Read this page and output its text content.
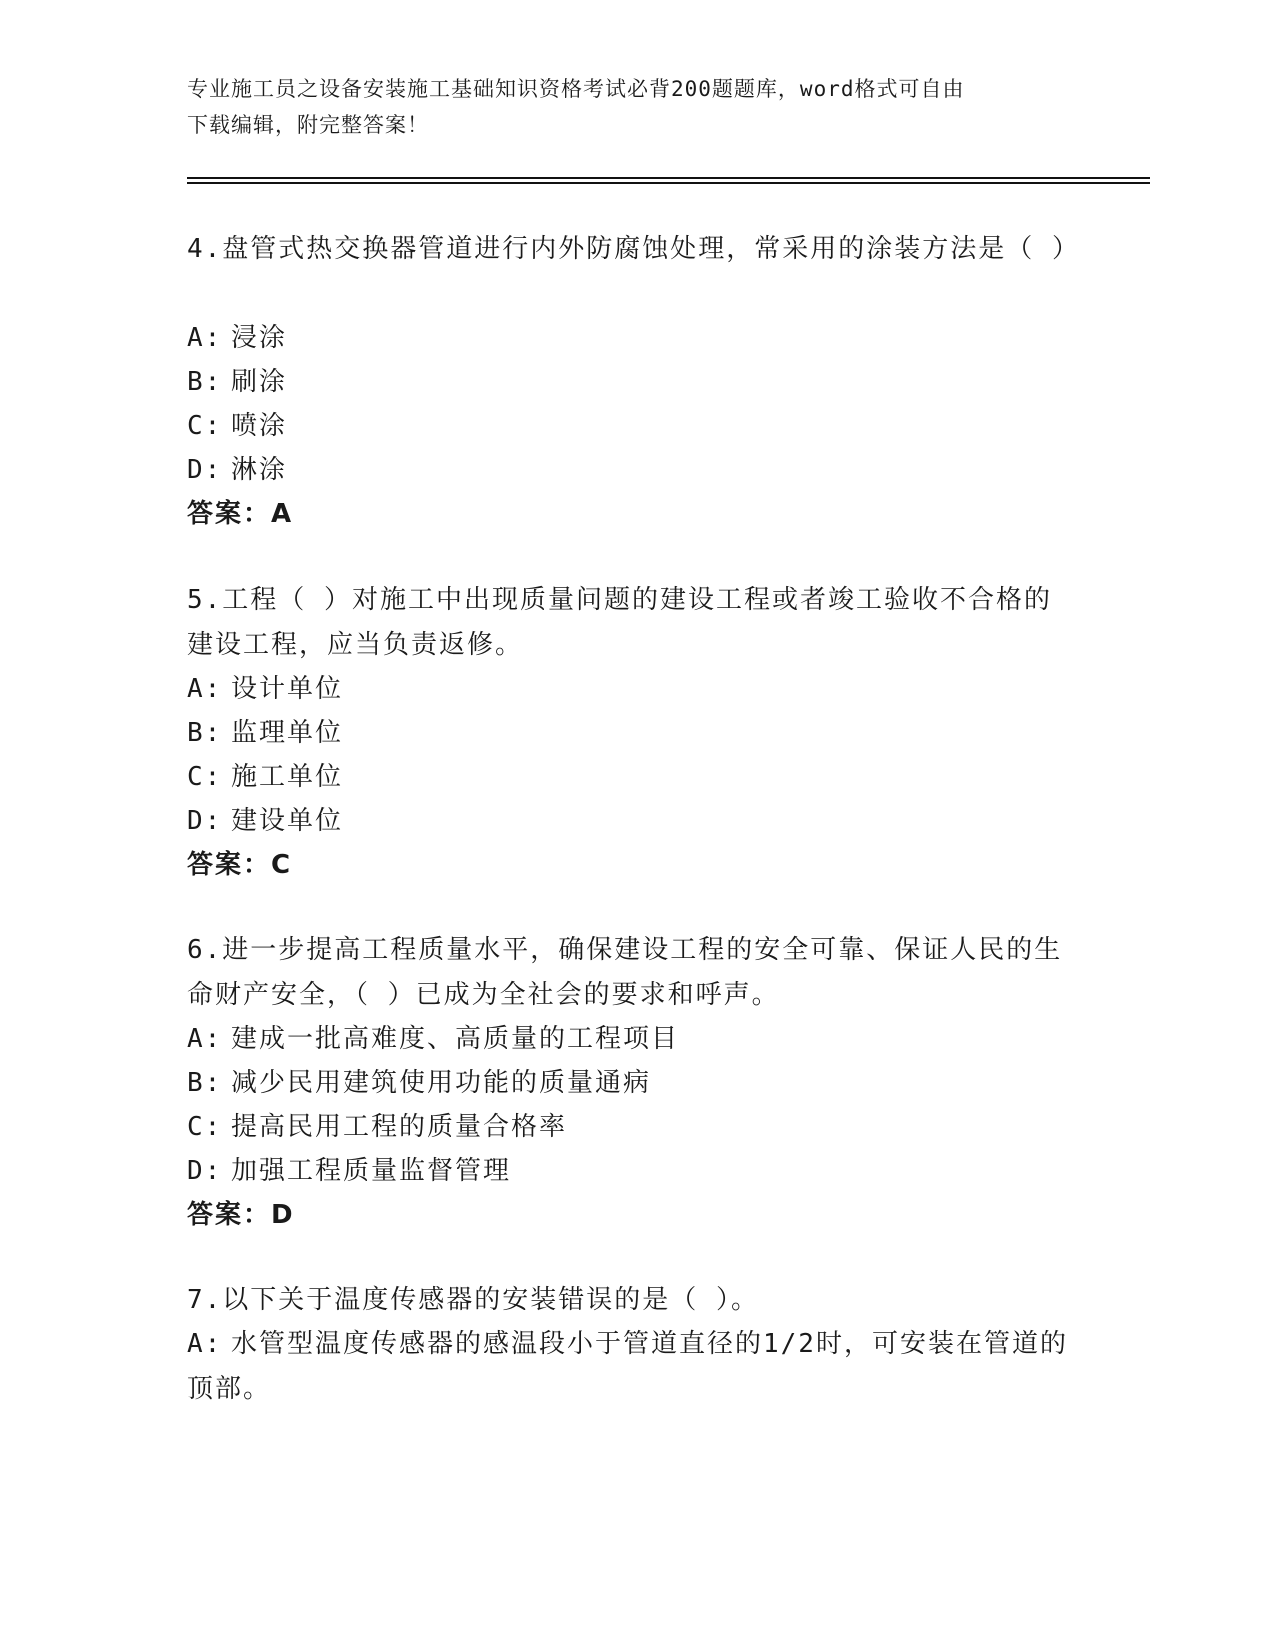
专业施工员之设备安装施工基础知识资格考试必背200题题库，word格式可自由
下载编辑，附完整答案！
4.盘管式热交换器管道进行内外防腐蚀处理，常采用的涂装方法是（ ）
A: 浸涂
B: 刷涂
C: 喷涂
D: 淋涂
答案：A
5.工程（ ）对施工中出现质量问题的建设工程或者竣工验收不合格的建设工程，应当负责返修。
A: 设计单位
B: 监理单位
C: 施工单位
D: 建设单位
答案：C
6.进一步提高工程质量水平，确保建设工程的安全可靠、保证人民的生命财产安全，（ ）已成为全社会的要求和呼声。
A: 建成一批高难度、高质量的工程项目
B: 减少民用建筑使用功能的质量通病
C: 提高民用工程的质量合格率
D: 加强工程质量监督管理
答案：D
7.以下关于温度传感器的安装错误的是（ ）。
A: 水管型温度传感器的感温段小于管道直径的1/2时，可安装在管道的顶部。
